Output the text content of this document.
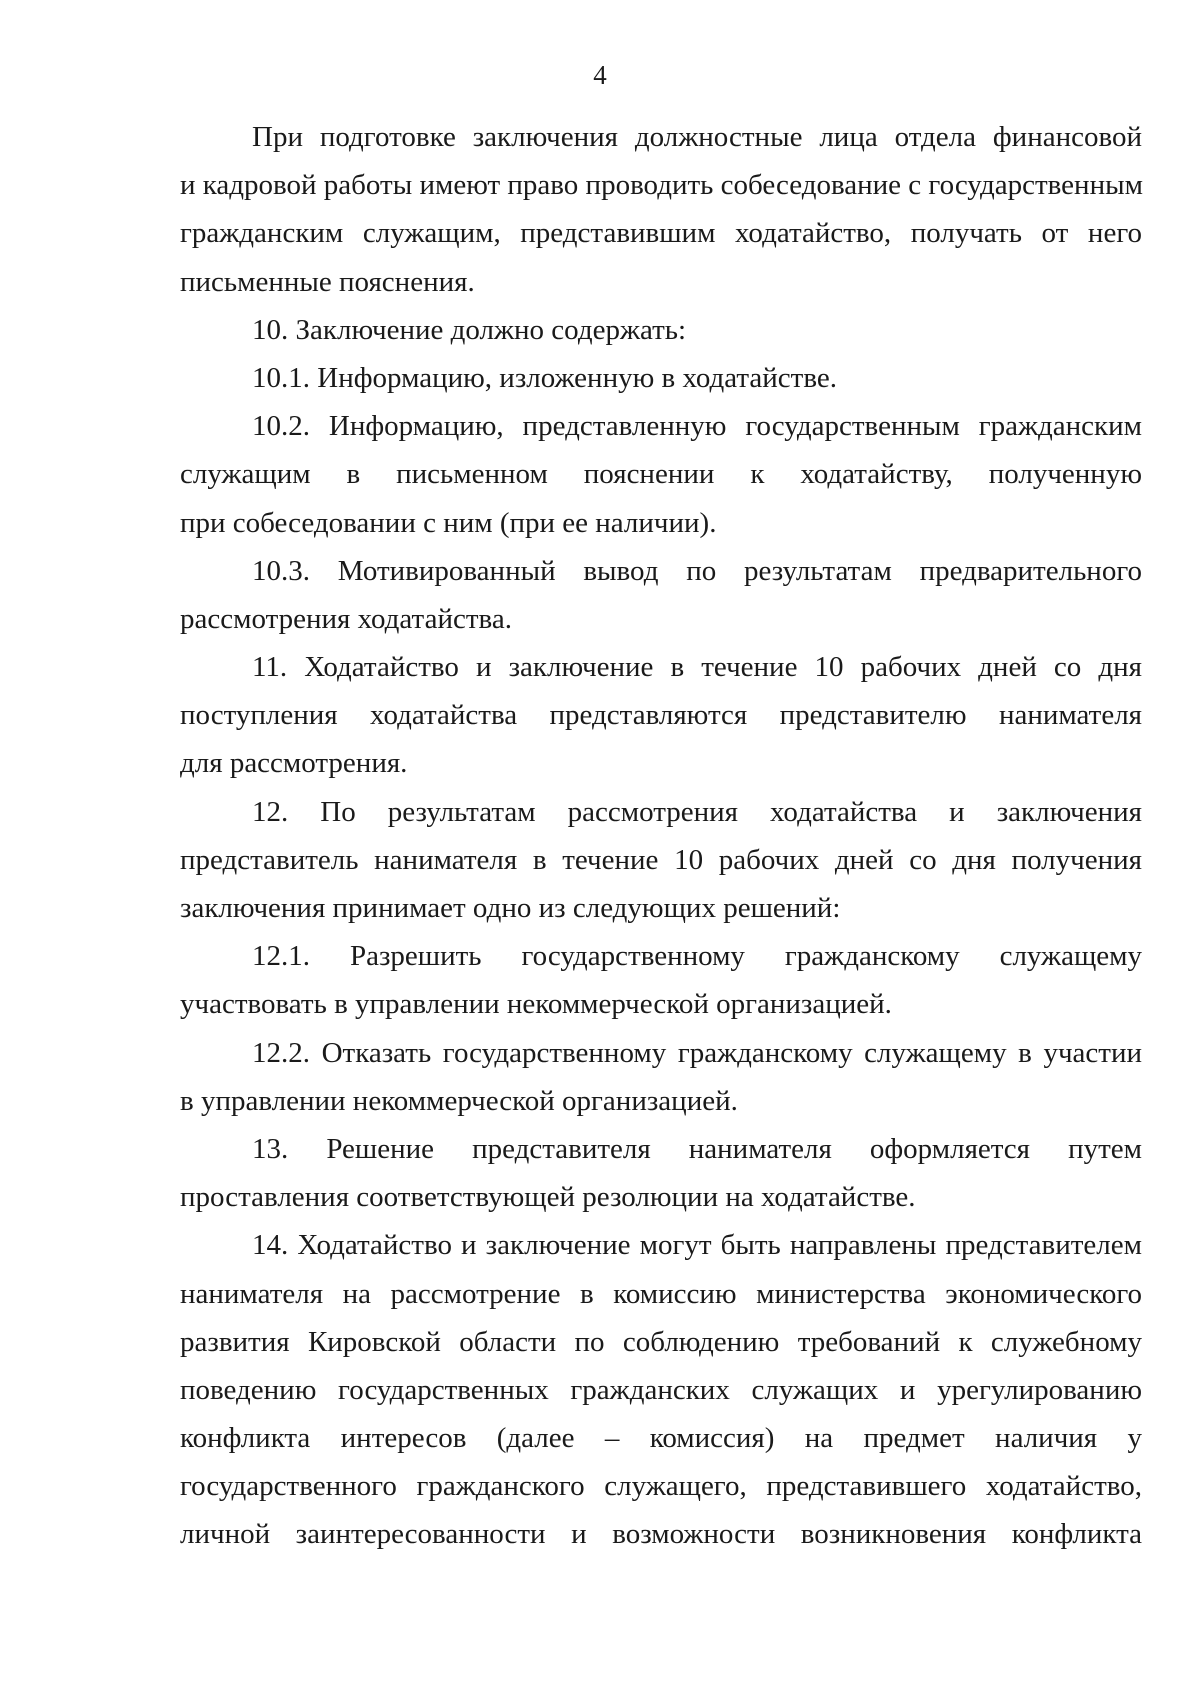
4
При подготовке заключения должностные лица отдела финансовой
и кадровой работы имеют право проводить собеседование с государственным
гражданским служащим, представившим ходатайство, получать от него
письменные пояснения.
10. Заключение должно содержать:
10.1. Информацию, изложенную в ходатайстве.
10.2. Информацию, представленную государственным гражданским
служащим в письменном пояснении к ходатайству, полученную
при собеседовании с ним (при ее наличии).
10.3. Мотивированный вывод по результатам предварительного
рассмотрения ходатайства.
11. Ходатайство и заключение в течение 10 рабочих дней со дня
поступления ходатайства представляются представителю нанимателя
для рассмотрения.
12. По результатам рассмотрения ходатайства и заключения
представитель нанимателя в течение 10 рабочих дней со дня получения
заключения принимает одно из следующих решений:
12.1. Разрешить государственному гражданскому служащему
участвовать в управлении некоммерческой организацией.
12.2. Отказать государственному гражданскому служащему в участии
в управлении некоммерческой организацией.
13. Решение представителя нанимателя оформляется путем
проставления соответствующей резолюции на ходатайстве.
14. Ходатайство и заключение могут быть направлены представителем
нанимателя на рассмотрение в комиссию министерства экономического
развития Кировской области по соблюдению требований к служебному
поведению государственных гражданских служащих и урегулированию
конфликта интересов (далее – комиссия) на предмет наличия у
государственного гражданского служащего, представившего ходатайство,
личной заинтересованности и возможности возникновения конфликта
